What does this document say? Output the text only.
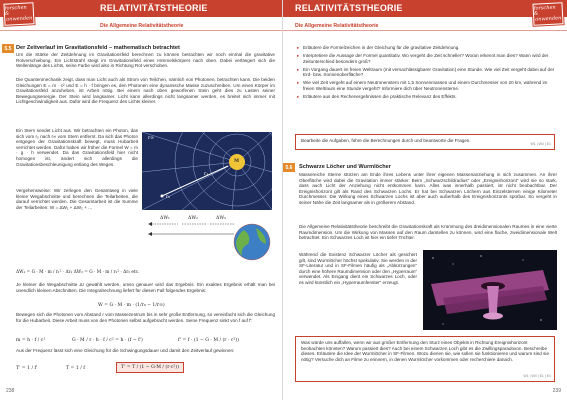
RELATIVITÄTSTHEORIE
Die Allgemeine Relativitätstheorie
forschen &
anwenden
5.5 Der Zeitverlauf im Gravitationsfeld – mathematisch betrachtet
Um die Stärke der Zeitdehnung im Gravitationsfeld berechnen zu können betrachten wir noch einmal die gravitative Rotverschiebung. Ein Lichtstrahl steigt im Gravitationsfeld eines Himmelskörpers nach oben. Dabei verlängert sich die Wellenlänge des Lichts, seine Farbe wird also in Richtung Rot verschoben.
Die Quantenmechanik zeigt, dass man Licht auch als Strom von Teilchen, nämlich von Photonen, betrachten kann. Die beiden Gleichungen E = m · c² und E = h · f bringen es, den Photonen eine dynamische Masse zuzuschreiben. Um einen Körper im Gravitationsfeld anzuheben, ist Arbeit nötig. Bei einem nach oben geworfenen Stein geht dies zu Lasten seiner Bewegungsenergie. Der Stein wird langsamer. Licht kann allerdings nicht langsamer werden, es breitet sich immer mit Lichtgeschwindigkeit aus. Dafür wird die Frequenz des Lichts kleiner.
Ein Stern sendet Licht aus. Wir betrachten ein Photon, das sich vom r₀ nach r∞ vom Stern entfernt. Da sich das Photon entgegen der Gravitationskraft bewegt, muss Hubarbeit verrichtet werden. Dafür haben wir früher die Formel W = m · g · h verwendet. Da das Gravitationsfeld hier nicht homogen ist, ändert sich allerdings die Gravitationsbeschleunigung entlang des Weges.
M
r₀
r₁
r∞
Vergehensweise: Wir zerlegen den Gesamtweg in viele kleine Wegabschnitte und berechnen die Teilarbeiten, die darauf verrichtet werden. Die Gesamtarbeit ist die Summe der Teilarbeiten: W = ΔW₁ + ΔW₂ + …
ΔW₁	ΔW₂	ΔW₃
ΔW₁ = G · M · m / r₁² · Δr₁ ΔW₂ = G · M · m / r₂² · Δr₂ etc.
Je kleiner die Wegabschnitte Δr gewählt werden, umso genauer wird das Ergebnis. Ein exaktes Ergebnis erhält man bei unendlich kleinen Abschnitten. Die Integralrechnung liefert für diesen Fall folgendes Ergebnis:
W = G · M · m · (1/r₀ − 1/r∞)
Bewegen sich die Photonen vom Abstand r vom Massezentrum bis in sehr große Entfernung, so vereinfacht sich die Gleichung für die Hubarbeit. Diese Arbeit muss von den Photonen selbst aufgebracht werden. Seine Frequenz sinkt von f auf f':
m = h · f / c²	G · M / r · h · f / c² = h · (f − f')	f' = f · (1 − G · M / (r · c²))
Aus der Frequenz lässt sich eine Gleichung für die Schwingungsdauer und damit den Zeitverlauf gewinnen:
T' = 1 / f'	T = 1 / f	T' = T / (1 − G·M / (r·c²))
238
RELATIVITÄTSTHEORIE
Die Allgemeine Relativitätstheorie
forschen &
anwenden
▸ Erläutere die Formelzeichen in der Gleichung für die gravitative Zeitdehnung.
▸ Interpretiere die Aussage der Formel quantitativ. Wo vergeht die Zeit schneller? Woran erkennt man dies? Wann wird der Zeitunterschied besonders groß?
▸ Ein Vorgang dauert im freien Weltraum (mit vernachlässigbarer Gravitation) eine Stunde. Wie viel Zeit vergeht dabei auf der Erd- bzw. Sonnenoberfläche?
▸ Wie viel Zeit vergeht auf einem Neutronenstern mit 1,5 Sonnenmassen und einem Durchmesser von 20 km, während im freien Weltraum eine Stunde vergeht? Informiere dich über Neutronensterne.
▸ Erläutere aus den Rechenergebnissen die praktische Relevanz des Effekts.
Bearbeite die Aufgaben, führe die Berechnungen durch und beantworte die Fragen.
W1 | W4 | E1
5.6	Schwarze Löcher und Wurmlöcher
Massereiche Sterne stürzen am Ende ihres Lebens unter ihrer eigenen Massenanziehung in sich zusammen. An ihrer Oberfläche wird dabei die Gravitation immer stärker. Beim „Schwarzschildradius“ oder „Ereignishorizont“ wird sie so stark, dass auch Licht der Anziehung nicht entkommen kann. Alles was innerhalb passiert, ist nicht beobachtbar. Der Ereignishorizont gilt als Rand des Schwarzen Lochs. Er hat bei Schwarzen Löchern aus Einzelsternen einige Kilometer Durchmesser. Die Wirkung eines Schwarzen Lochs ist aber auch außerhalb des Ereignishorizonts spürbar. So vergeht in seiner Nähe die Zeit langsamer als in größerem Abstand.
Die Allgemeine Relativitätstheorie beschreibt die Gravitationskraft als Krümmung des dreidimensionalen Raumes in eine vierte Raumdimension. Um die Wirkung von Massen auf den Raum darstellen zu können, wird eine flache, zweidimensionale Welt betrachtet. Ein Schwarzes Loch ist hier ein tiefer Trichter.
Während die Existenz Schwarzer Löcher als gesichert gilt, sind Wurmlöcher höchst spekulativ. Sie werden in der SF-Literatur und in SF-Filmen häufig als „Abkürzungen“ durch eine höhere Raumdimension oder den „Hyperraum“ verwendet. Als Eingang dient ein Schwarzes Loch, oder es wird künstlich ein „Hyperraumfenster“ erzeugt.
Was würde uns auffallen, wenn wir aus großer Entfernung den Sturz eines Objekts in Richtung Ereignishorizont beobachten könnten? Warum passiert dies? Auch bei einem Schwarzen Loch gibt es die Zwillingsparadoxon. Beschreibe dieses. Erläutere die Idee der Wurmlöcher in SF-Filmen. Wozu dienen sie, wie sollen sie funktionieren und warum sind sie nötig? Versuche dich an Filme zu erinnern, in denen Wurmlöcher vorkommen oder recherchiere danach.
W1 | W4 | E1 | E4
239
